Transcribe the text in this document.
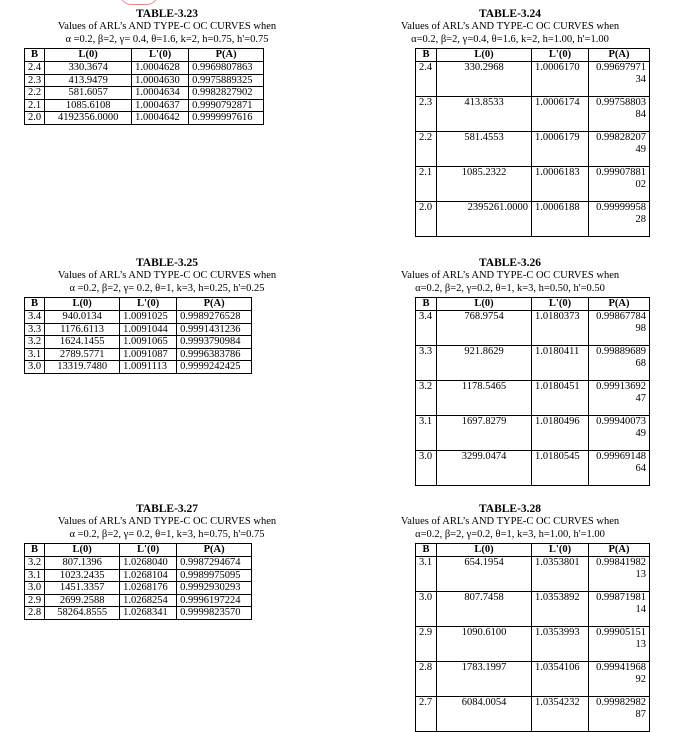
TABLE-3.23
Values of ARL’s AND TYPE-C OC CURVES when
α =0.2, β=2, γ= 0.4, θ=1.6, k=2, h=0.75, h'=0.75
B	L(0)	L'(0)	P(A)
2.4	330.3674	1.0004628	0.9969807863
2.3	413.9479	1.0004630	0.9975889325
2.2	581.6057	1.0004634	0.9982827902
2.1	1085.6108	1.0004637	0.9990792871
2.0	4192356.0000	1.0004642	0.9999997616
TABLE-3.24
Values of ARL’s AND TYPE-C OC CURVES when
α=0.2, β=2, γ=0.4, θ=1.6, k=2, h=1.00, h'=1.00
B	L(0)	L'(0)	P(A)
2.4	330.2968	1.0006170	0.9969797134
2.3	413.8533	1.0006174	0.9975880384
2.2	581.4553	1.0006179	0.9982820749
2.1	1085.2322	1.0006183	0.9990788102
2.0	2395261.0000	1.0006188	0.9999995828
TABLE-3.25
Values of ARL’s AND TYPE-C OC CURVES when
α =0.2, β=2, γ= 0.2, θ=1, k=3, h=0.25, h'=0.25
B	L(0)	L'(0)	P(A)
3.4	940.0134	1.0091025	0.9989276528
3.3	1176.6113	1.0091044	0.9991431236
3.2	1624.1455	1.0091065	0.9993790984
3.1	2789.5771	1.0091087	0.9996383786
3.0	13319.7480	1.0091113	0.9999242425
TABLE-3.26
Values of ARL’s AND TYPE-C OC CURVES when
α=0.2, β=2, γ=0.2, θ=1, k=3, h=0.50, h'=0.50
B	L(0)	L'(0)	P(A)
3.4	768.9754	1.0180373	0.9986778498
3.3	921.8629	1.0180411	0.9988968968
3.2	1178.5465	1.0180451	0.9991369247
3.1	1697.8279	1.0180496	0.9994007349
3.0	3299.0474	1.0180545	0.9996914864
TABLE-3.27
Values of ARL’s AND TYPE-C OC CURVES when
α =0.2, β=2, γ= 0.2, θ=1, k=3, h=0.75, h'=0.75
B	L(0)	L'(0)	P(A)
3.2	807.1396	1.0268040	0.9987294674
3.1	1023.2435	1.0268104	0.9989975095
3.0	1451.3357	1.0268176	0.9992930293
2.9	2699.2588	1.0268254	0.9996197224
2.8	58264.8555	1.0268341	0.9999823570
TABLE-3.28
Values of ARL’s AND TYPE-C OC CURVES when
α=0.2, β=2, γ=0.2, θ=1, k=3, h=1.00, h'=1.00
B	L(0)	L'(0)	P(A)
3.1	654.1954	1.0353801	0.9984198213
3.0	807.7458	1.0353892	0.9987198114
2.9	1090.6100	1.0353993	0.9990515113
2.8	1783.1997	1.0354106	0.9994196892
2.7	6084.0054	1.0354232	0.9998298287
